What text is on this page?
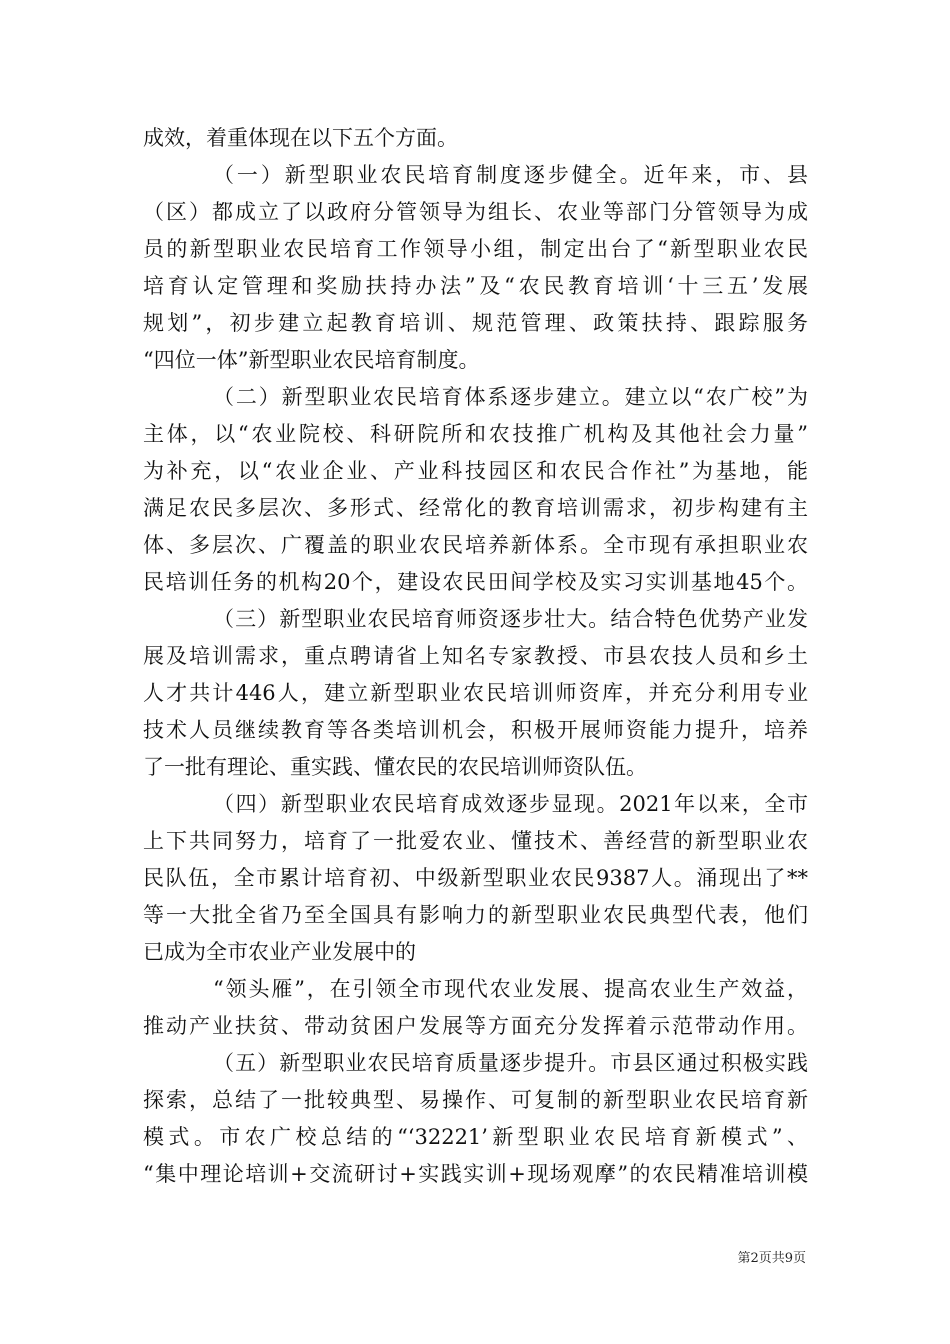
成效，着重体现在以下五个方面。
（一）新型职业农民培育制度逐步健全。近年来，市、县
（区）都成立了以政府分管领导为组长、农业等部门分管领导为成
员的新型职业农民培育工作领导小组，制定出台了“新型职业农民
培育认定管理和奖励扶持办法”及“农民教育培训‘十三五’发展
规划”，初步建立起教育培训、规范管理、政策扶持、跟踪服务
“四位一体”新型职业农民培育制度。
（二）新型职业农民培育体系逐步建立。建立以“农广校”为
主体，以“农业院校、科研院所和农技推广机构及其他社会力量”
为补充，以“农业企业、产业科技园区和农民合作社”为基地，能
满足农民多层次、多形式、经常化的教育培训需求，初步构建有主
体、多层次、广覆盖的职业农民培养新体系。全市现有承担职业农
民培训任务的机构20个，建设农民田间学校及实习实训基地45个。
（三）新型职业农民培育师资逐步壮大。结合特色优势产业发
展及培训需求，重点聘请省上知名专家教授、市县农技人员和乡土
人才共计446人，建立新型职业农民培训师资库，并充分利用专业
技术人员继续教育等各类培训机会，积极开展师资能力提升，培养
了一批有理论、重实践、懂农民的农民培训师资队伍。
（四）新型职业农民培育成效逐步显现。2021年以来，全市
上下共同努力，培育了一批爱农业、懂技术、善经营的新型职业农
民队伍，全市累计培育初、中级新型职业农民9387人。涌现出了**
等一大批全省乃至全国具有影响力的新型职业农民典型代表，他们
已成为全市农业产业发展中的
“领头雁”，在引领全市现代农业发展、提高农业生产效益，
推动产业扶贫、带动贫困户发展等方面充分发挥着示范带动作用。
（五）新型职业农民培育质量逐步提升。市县区通过积极实践
探索，总结了一批较典型、易操作、可复制的新型职业农民培育新
模式。市农广校总结的“‘32221’新型职业农民培育新模式”、
“集中理论培训+交流研讨+实践实训+现场观摩”的农民精准培训模
第2页共9页
